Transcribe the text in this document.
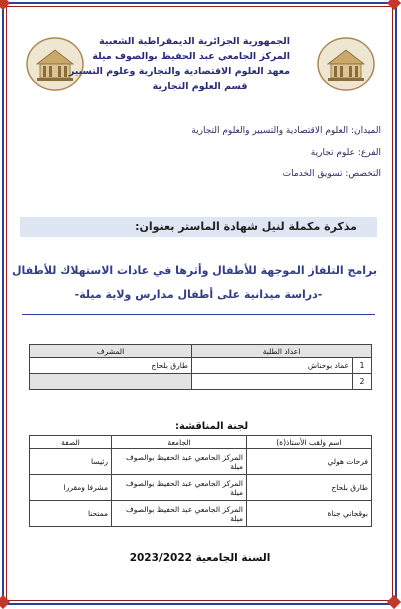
الجمهورية الجزائرية الديمقراطية الشعبية
المركز الجامعي عبد الحفيظ بوالصوف ميلة
معهد العلوم الاقتصادية والتجارية وعلوم التسيير
قسم العلوم التجارية
الميدان: العلوم الاقتصادية والتسيير والعلوم التجارية
الفرع: علوم تجارية
التخصص: تسويق الخدمات
مذكرة مكملة لنيل شهادة الماستر بعنوان:
برامج التلفاز الموجهة للأطفال وأثرها في عادات الاستهلاك للأطفال
-دراسة ميدانية على أطفال مدارس ولاية ميلة-
اعداد الطلبة		المشرف
1	عماد بوحناش	طارق بلحاج
2		
لجنة المناقشة:
اسم ولقب الأستاذ(ة)	الجامعة	الصفة
فرحات هولي	المركز الجامعي عبد الحفيظ بوالصوف ميلة	رئيسا
طارق بلحاج	المركز الجامعي عبد الحفيظ بوالصوف ميلة	مشرفا ومقررا
بوقجاني جناة	المركز الجامعي عبد الحفيظ بوالصوف ميلة	ممتحنا
السنة الجامعية 2023/2022
